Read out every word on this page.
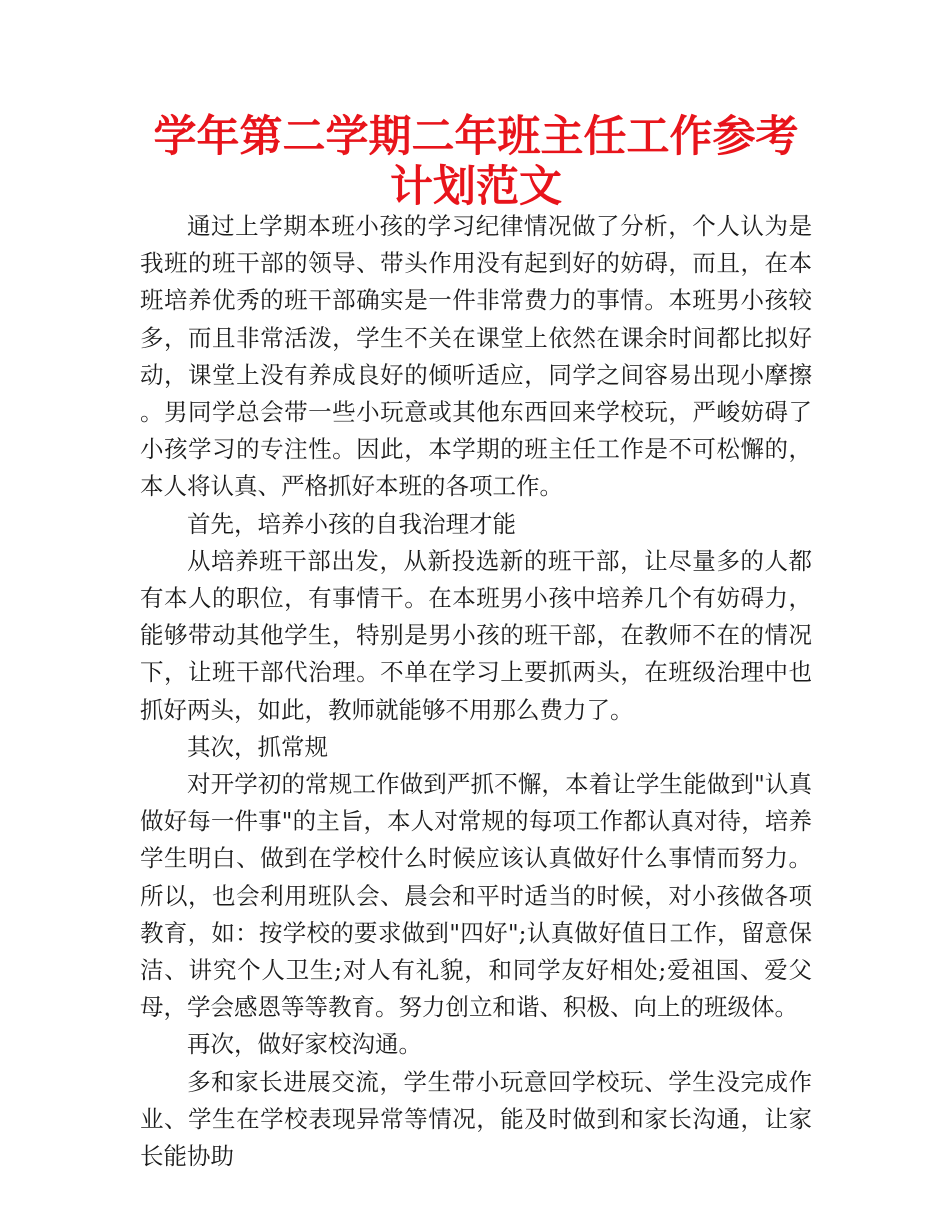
学年第二学期二年班主任工作参考计划范文

通过上学期本班小孩的学习纪律情况做了分析，个人认为是我班的班干部的领导、带头作用没有起到好的妨碍，而且，在本班培养优秀的班干部确实是一件非常费力的事情。本班男小孩较多，而且非常活泼，学生不关在课堂上依然在课余时间都比拟好动，课堂上没有养成良好的倾听适应，同学之间容易出现小摩擦。男同学总会带一些小玩意或其他东西回来学校玩，严峻妨碍了小孩学习的专注性。因此，本学期的班主任工作是不可松懈的，本人将认真、严格抓好本班的各项工作。

首先，培养小孩的自我治理才能

从培养班干部出发，从新投选新的班干部，让尽量多的人都有本人的职位，有事情干。在本班男小孩中培养几个有妨碍力，能够带动其他学生，特别是男小孩的班干部，在教师不在的情况下，让班干部代治理。不单在学习上要抓两头，在班级治理中也抓好两头，如此，教师就能够不用那么费力了。

其次，抓常规

对开学初的常规工作做到严抓不懈，本着让学生能做到"认真做好每一件事"的主旨，本人对常规的每项工作都认真对待，培养学生明白、做到在学校什么时候应该认真做好什么事情而努力。所以，也会利用班队会、晨会和平时适当的时候，对小孩做各项教育，如：按学校的要求做到"四好";认真做好值日工作，留意保洁、讲究个人卫生;对人有礼貌，和同学友好相处;爱祖国、爱父母，学会感恩等等教育。努力创立和谐、积极、向上的班级体。

再次，做好家校沟通。

多和家长进展交流，学生带小玩意回学校玩、学生没完成作业、学生在学校表现异常等情况，能及时做到和家长沟通，让家长能协助
